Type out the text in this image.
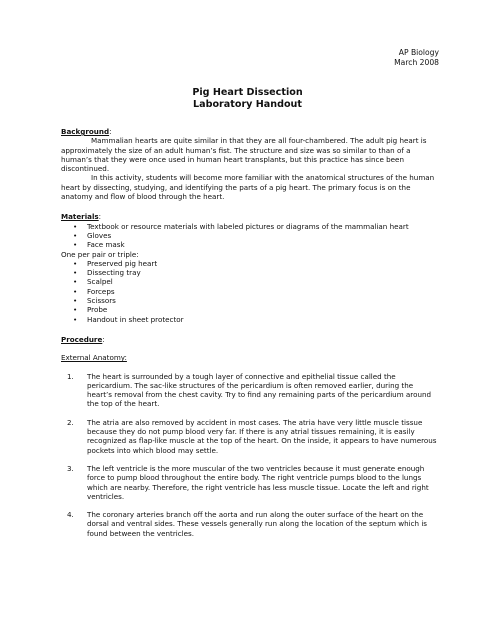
AP Biology
March 2008
Pig Heart Dissection
Laboratory Handout
Background:

Mammalian hearts are quite similar in that they are all four-chambered. The adult pig heart is approximately the size of an adult human’s fist. The structure and size was so similar to than of a human’s that they were once used in human heart transplants, but this practice has since been discontinued.

In this activity, students will become more familiar with the anatomical structures of the human heart by dissecting, studying, and identifying the parts of a pig heart. The primary focus is on the anatomy and flow of blood through the heart.

Materials:
• Textbook or resource materials with labeled pictures or diagrams of the mammalian heart
• Gloves
• Face mask
One per pair or triple:
• Preserved pig heart
• Dissecting tray
• Scalpel
• Forceps
• Scissors
• Probe
• Handout in sheet protector
Procedure:
External Anatomy:
1. The heart is surrounded by a tough layer of connective and epithelial tissue called the pericardium. The sac-like structures of the pericardium is often removed earlier, during the heart’s removal from the chest cavity. Try to find any remaining parts of the pericardium around the top of the heart.
2. The atria are also removed by accident in most cases. The atria have very little muscle tissue because they do not pump blood very far. If there is any atrial tissues remaining, it is easily recognized as flap-like muscle at the top of the heart. On the inside, it appears to have numerous pockets into which blood may settle.
3. The left ventricle is the more muscular of the two ventricles because it must generate enough force to pump blood throughout the entire body. The right ventricle pumps blood to the lungs which are nearby. Therefore, the right ventricle has less muscle tissue. Locate the left and right ventricles.
4. The coronary arteries branch off the aorta and run along the outer surface of the heart on the dorsal and ventral sides. These vessels generally run along the location of the septum which is found between the ventricles.
